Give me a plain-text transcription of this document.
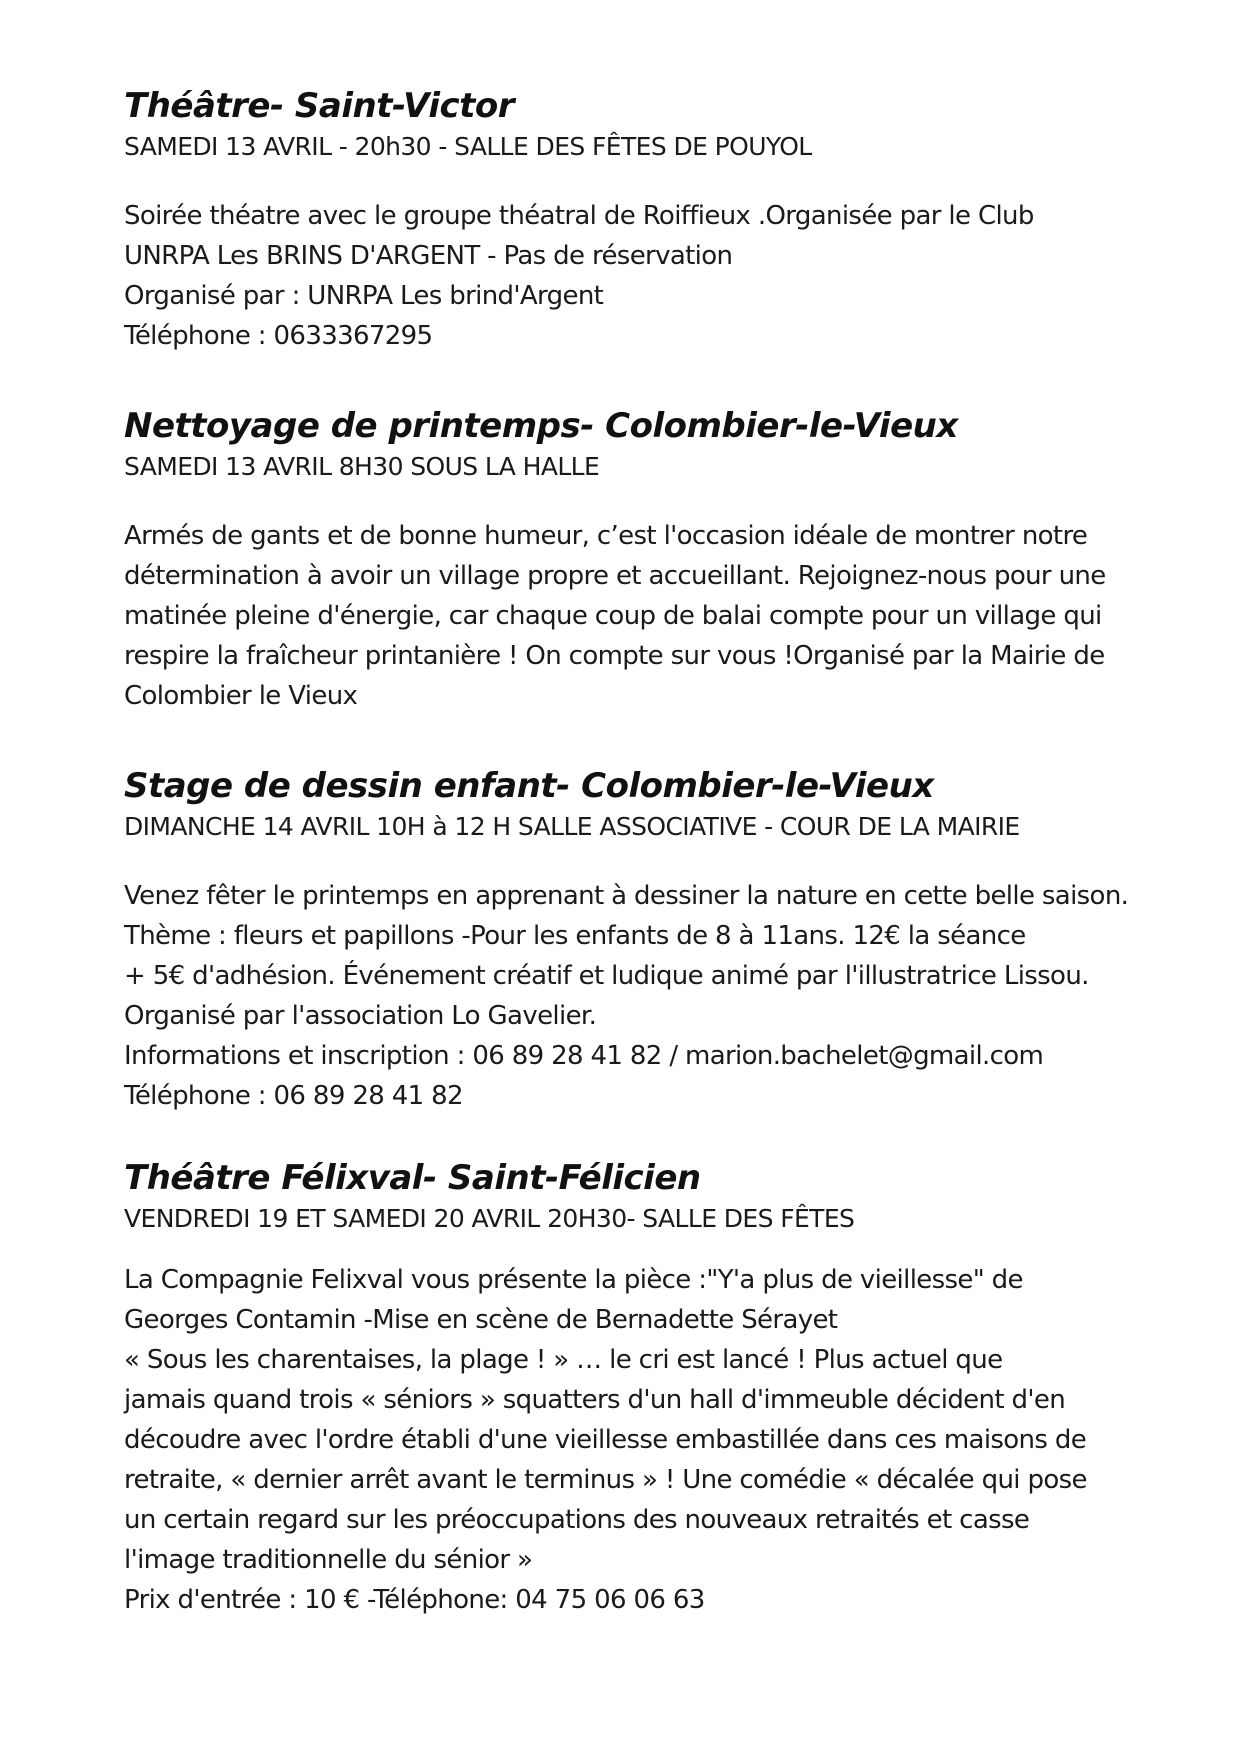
Théâtre- Saint-Victor

SAMEDI 13 AVRIL - 20h30 - SALLE DES FÊTES DE POUYOL

Soirée théatre avec le groupe théatral de Roiffieux .Organisée par le Club

UNRPA Les BRINS D'ARGENT - Pas de réservation

Organisé par : UNRPA Les brind'Argent

Téléphone : 0633367295

Nettoyage de printemps- Colombier-le-Vieux

SAMEDI 13 AVRIL 8H30 SOUS LA HALLE

Armés de gants et de bonne humeur, c’est l'occasion idéale de montrer notre

détermination à avoir un village propre et accueillant. Rejoignez-nous pour une

matinée pleine d'énergie, car chaque coup de balai compte pour un village qui

respire la fraîcheur printanière ! On compte sur vous !Organisé par la Mairie de

Colombier le Vieux

Stage de dessin enfant- Colombier-le-Vieux

DIMANCHE 14 AVRIL 10H à 12 H SALLE ASSOCIATIVE - COUR DE LA MAIRIE

Venez fêter le printemps en apprenant à dessiner la nature en cette belle saison.

Thème : fleurs et papillons -Pour les enfants de 8 à 11ans. 12€ la séance

+ 5€ d'adhésion. Événement créatif et ludique animé par l'illustratrice Lissou.

Organisé par l'association Lo Gavelier.

Informations et inscription : 06 89 28 41 82 / marion.bachelet@gmail.com

Téléphone : 06 89 28 41 82

Théâtre Félixval- Saint-Félicien

VENDREDI 19 ET SAMEDI 20 AVRIL 20H30- SALLE DES FÊTES

La Compagnie Felixval vous présente la pièce :"Y'a plus de vieillesse" de

Georges Contamin -Mise en scène de Bernadette Sérayet

« Sous les charentaises, la plage ! » … le cri est lancé ! Plus actuel que

jamais quand trois « séniors » squatters d'un hall d'immeuble décident d'en

découdre avec l'ordre établi d'une vieillesse embastillée dans ces maisons de

retraite, « dernier arrêt avant le terminus » ! Une comédie « décalée qui pose

un certain regard sur les préoccupations des nouveaux retraités et casse

l'image traditionnelle du sénior »

Prix d'entrée : 10 € -Téléphone: 04 75 06 06 63
